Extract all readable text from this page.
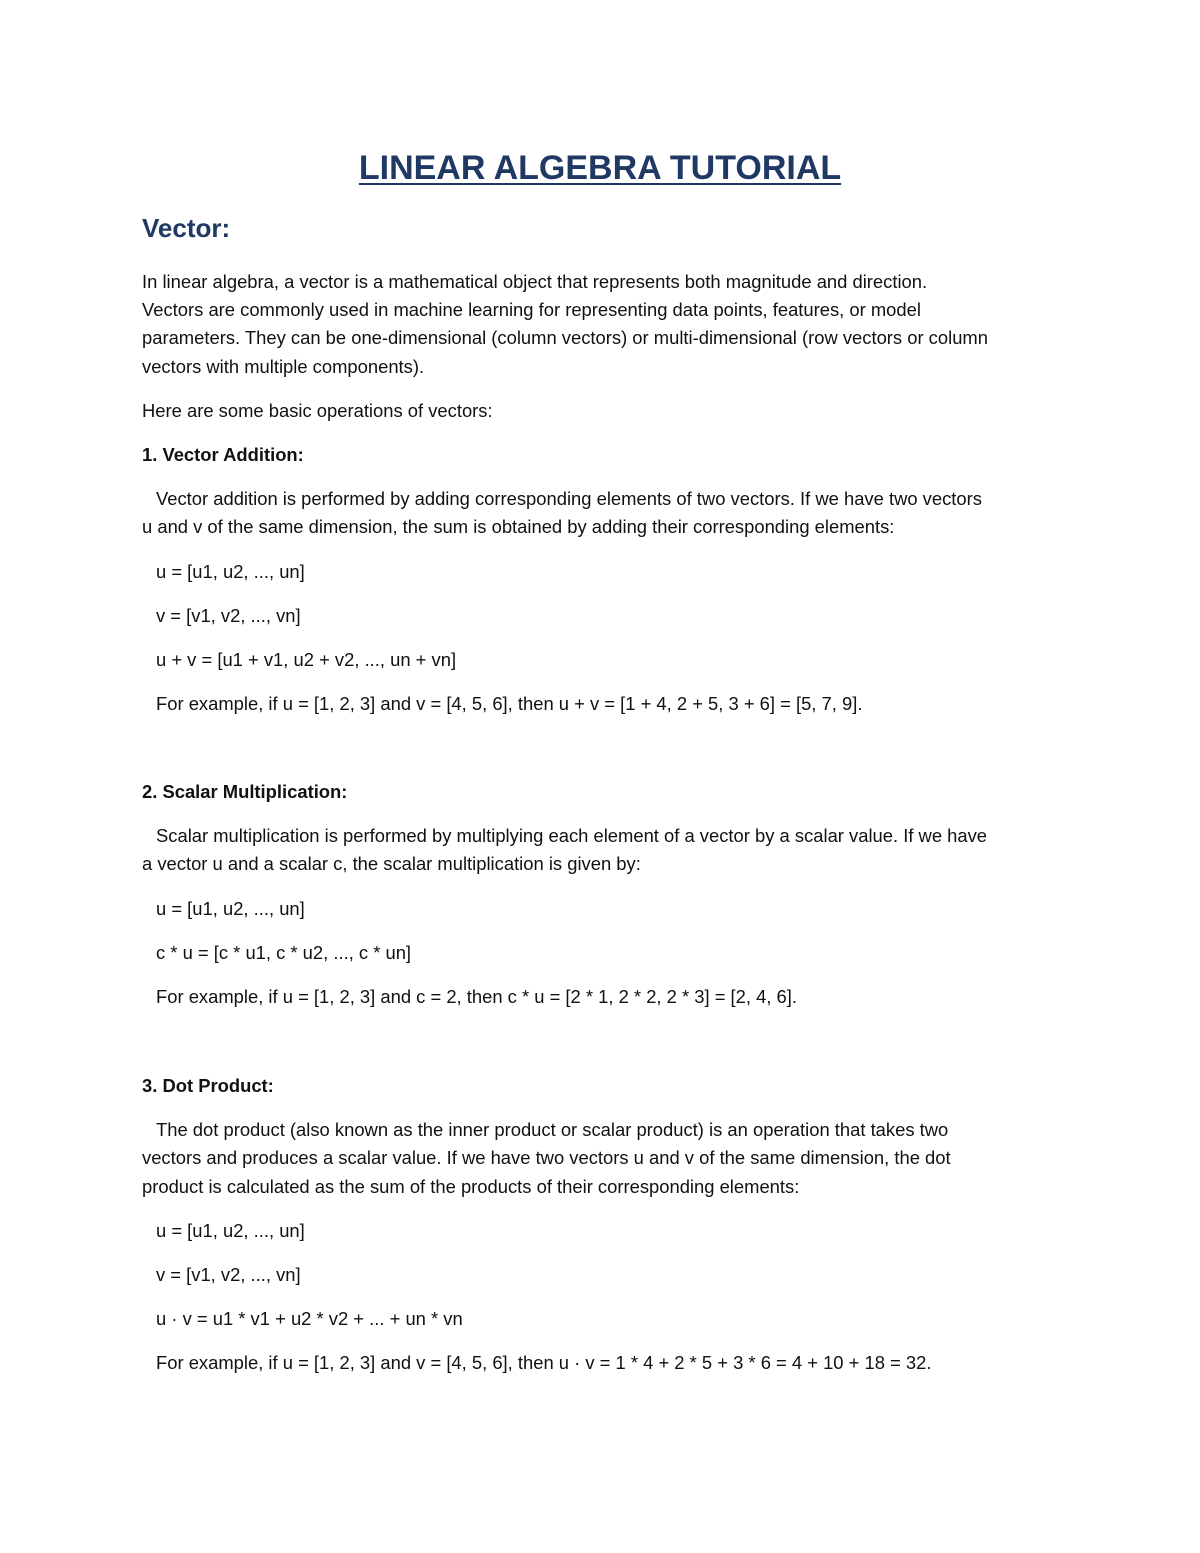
LINEAR ALGEBRA TUTORIAL
Vector:
In linear algebra, a vector is a mathematical object that represents both magnitude and direction.
Vectors are commonly used in machine learning for representing data points, features, or model
parameters. They can be one-dimensional (column vectors) or multi-dimensional (row vectors or column
vectors with multiple components).
Here are some basic operations of vectors:
1. Vector Addition:
Vector addition is performed by adding corresponding elements of two vectors. If we have two vectors
u and v of the same dimension, the sum is obtained by adding their corresponding elements:
u = [u1, u2, ..., un]
v = [v1, v2, ..., vn]
u + v = [u1 + v1, u2 + v2, ..., un + vn]
For example, if u = [1, 2, 3] and v = [4, 5, 6], then u + v = [1 + 4, 2 + 5, 3 + 6] = [5, 7, 9].
2. Scalar Multiplication:
Scalar multiplication is performed by multiplying each element of a vector by a scalar value. If we have
a vector u and a scalar c, the scalar multiplication is given by:
u = [u1, u2, ..., un]
c * u = [c * u1, c * u2, ..., c * un]
For example, if u = [1, 2, 3] and c = 2, then c * u = [2 * 1, 2 * 2, 2 * 3] = [2, 4, 6].
3. Dot Product:
The dot product (also known as the inner product or scalar product) is an operation that takes two
vectors and produces a scalar value. If we have two vectors u and v of the same dimension, the dot
product is calculated as the sum of the products of their corresponding elements:
u = [u1, u2, ..., un]
v = [v1, v2, ..., vn]
u · v = u1 * v1 + u2 * v2 + ... + un * vn
For example, if u = [1, 2, 3] and v = [4, 5, 6], then u · v = 1 * 4 + 2 * 5 + 3 * 6 = 4 + 10 + 18 = 32.
